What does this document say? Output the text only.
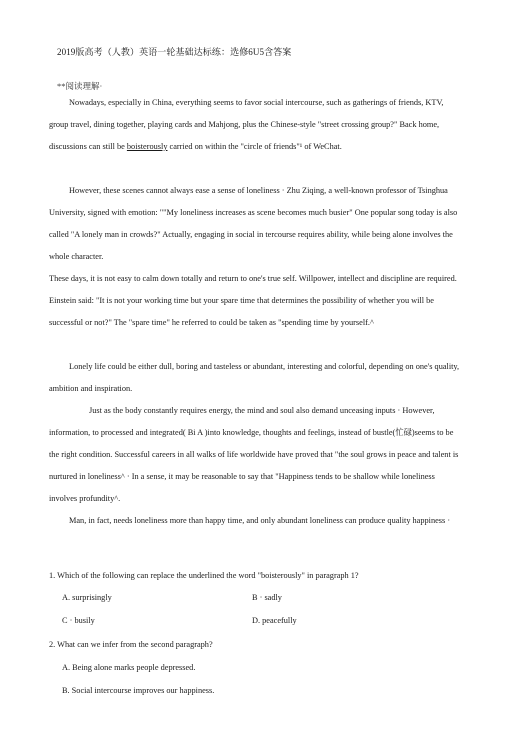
2019版高考（人教）英语一轮基础达标练：选修6U5含答案
**阅读理解·

Nowadays, especially in China, everything seems to favor social intercourse, such as gatherings of friends, KTV, group travel, dining together, playing cards and Mahjong, plus the Chinese-style "street crossing group?" Back home, discussions can still be boisterously carried on within the "circle of friends"¹ of WeChat.

However, these scenes cannot always ease a sense of loneliness · Zhu Ziqing, a well-known professor of Tsinghua University, signed with emotion: ""My loneliness increases as scene becomes much busier" One popular song today is also called "A lonely man in crowds?" Actually, engaging in social in tercourse requires ability, while being alone involves the whole character.

These days, it is not easy to calm down totally and return to one's true self. Willpower, intellect and discipline are required. Einstein said: "It is not your working time but your spare time that determines the possibility of whether you will be successful or not?" The "spare time" he referred to could be taken as "spending time by yourself.^

Lonely life could be either dull, boring and tasteless or abundant, interesting and colorful, depending on one's quality, ambition and inspiration.

Just as the body constantly requires energy, the mind and soul also demand unceasing inputs · However, information, to processed and integrated( Bi A )into knowledge, thoughts and feelings, instead of bustle(忙碌)seems to be the right condition. Successful careers in all walks of life worldwide have proved that "the soul grows in peace and talent is nurtured in loneliness^ · In a sense, it may be reasonable to say that "Happiness tends to be shallow while loneliness involves profundity^.

Man, in fact, needs loneliness more than happy time, and only abundant loneliness can produce quality happiness ·

1. Which of the following can replace the underlined the word "boisterously" in paragraph 1?
A. surprisingly	B · sadly
C · busily	D. peacefully
2. What can we infer from the second paragraph?
A. Being alone marks people depressed.
B. Social intercourse improves our happiness.
